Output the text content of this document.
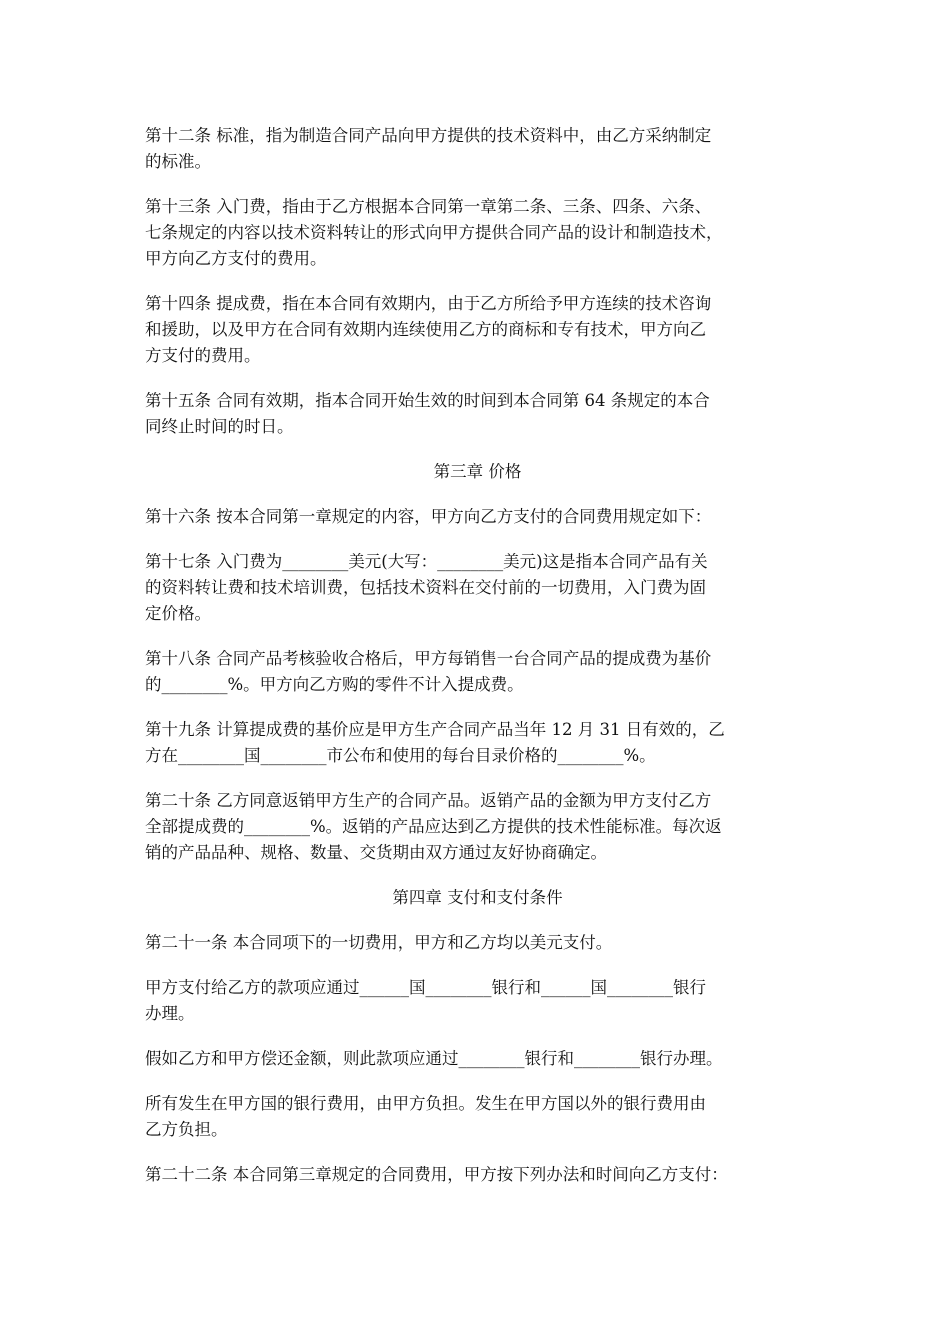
第十二条 标准，指为制造合同产品向甲方提供的技术资料中，由乙方采纳制定
的标准。

第十三条 入门费，指由于乙方根据本合同第一章第二条、三条、四条、六条、
七条规定的内容以技术资料转让的形式向甲方提供合同产品的设计和制造技术，
甲方向乙方支付的费用。

第十四条 提成费，指在本合同有效期内，由于乙方所给予甲方连续的技术咨询
和援助，以及甲方在合同有效期内连续使用乙方的商标和专有技术，甲方向乙
方支付的费用。

第十五条 合同有效期，指本合同开始生效的时间到本合同第 64 条规定的本合
同终止时间的时日。

第三章 价格

第十六条 按本合同第一章规定的内容，甲方向乙方支付的合同费用规定如下：

第十七条 入门费为________美元(大写：________美元)这是指本合同产品有关
的资料转让费和技术培训费，包括技术资料在交付前的一切费用，入门费为固
定价格。

第十八条 合同产品考核验收合格后，甲方每销售一台合同产品的提成费为基价
的________%。甲方向乙方购的零件不计入提成费。

第十九条 计算提成费的基价应是甲方生产合同产品当年 12 月 31 日有效的，乙
方在________国________市公布和使用的每台目录价格的________%。

第二十条 乙方同意返销甲方生产的合同产品。返销产品的金额为甲方支付乙方
全部提成费的________%。返销的产品应达到乙方提供的技术性能标准。每次返
销的产品品种、规格、数量、交货期由双方通过友好协商确定。

第四章 支付和支付条件

第二十一条 本合同项下的一切费用，甲方和乙方均以美元支付。

甲方支付给乙方的款项应通过______国________银行和______国________银行
办理。

假如乙方和甲方偿还金额，则此款项应通过________银行和________银行办理。

所有发生在甲方国的银行费用，由甲方负担。发生在甲方国以外的银行费用由
乙方负担。

第二十二条 本合同第三章规定的合同费用，甲方按下列办法和时间向乙方支付：
